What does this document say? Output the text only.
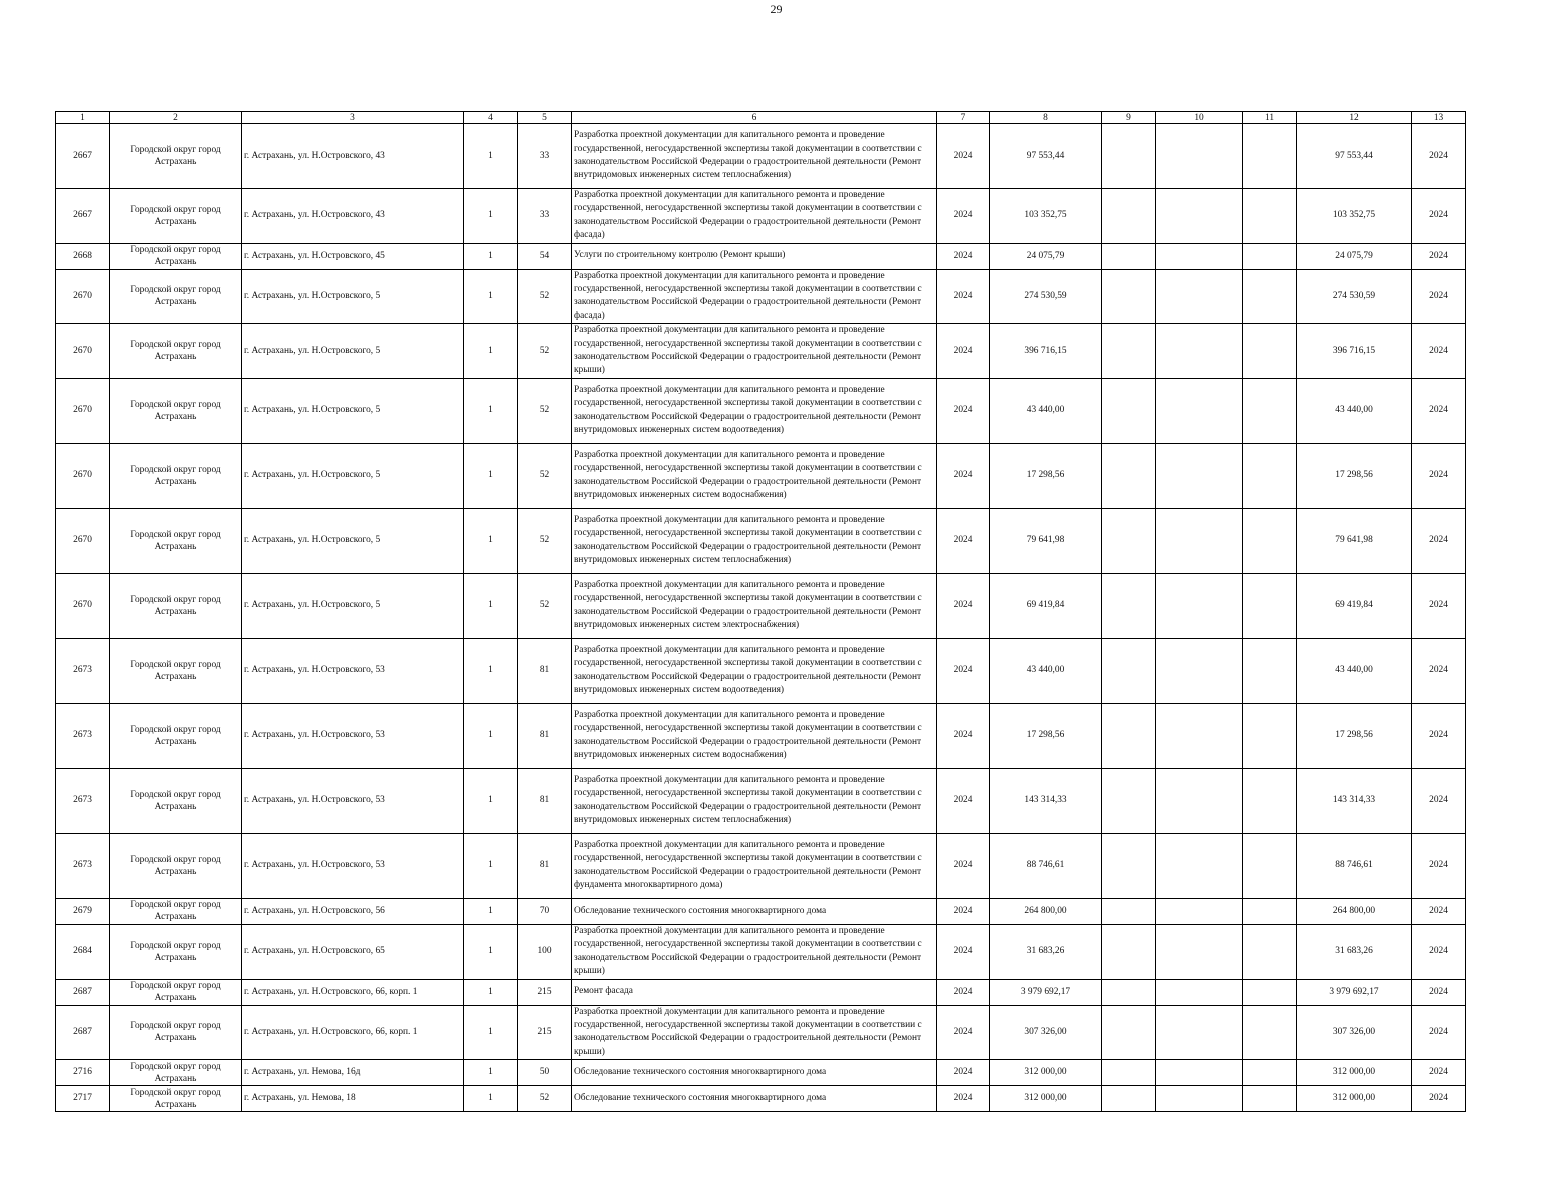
29
1	2	3	4	5	6	7	8	9	10	11	12	13
2667	Городской округ город Астрахань	г. Астрахань, ул. Н.Островского, 43	1	33	Разработка проектной документации для капитального ремонта и проведение государственной, негосударственной экспертизы такой документации в соответствии с законодательством Российской Федерации о градостроительной деятельности (Ремонт внутридомовых инженерных систем теплоснабжения)	2024	97 553,44				97 553,44	2024
2667	Городской округ город Астрахань	г. Астрахань, ул. Н.Островского, 43	1	33	Разработка проектной документации для капитального ремонта и проведение государственной, негосударственной экспертизы такой документации в соответствии с законодательством Российской Федерации о градостроительной деятельности (Ремонт фасада)	2024	103 352,75				103 352,75	2024
2668	Городской округ город Астрахань	г. Астрахань, ул. Н.Островского, 45	1	54	Услуги по строительному контролю (Ремонт крыши)	2024	24 075,79				24 075,79	2024
2670	Городской округ город Астрахань	г. Астрахань, ул. Н.Островского, 5	1	52	Разработка проектной документации для капитального ремонта и проведение государственной, негосударственной экспертизы такой документации в соответствии с законодательством Российской Федерации о градостроительной деятельности (Ремонт фасада)	2024	274 530,59				274 530,59	2024
2670	Городской округ город Астрахань	г. Астрахань, ул. Н.Островского, 5	1	52	Разработка проектной документации для капитального ремонта и проведение государственной, негосударственной экспертизы такой документации в соответствии с законодательством Российской Федерации о градостроительной деятельности (Ремонт крыши)	2024	396 716,15				396 716,15	2024
2670	Городской округ город Астрахань	г. Астрахань, ул. Н.Островского, 5	1	52	Разработка проектной документации для капитального ремонта и проведение государственной, негосударственной экспертизы такой документации в соответствии с законодательством Российской Федерации о градостроительной деятельности (Ремонт внутридомовых инженерных систем водоотведения)	2024	43 440,00				43 440,00	2024
2670	Городской округ город Астрахань	г. Астрахань, ул. Н.Островского, 5	1	52	Разработка проектной документации для капитального ремонта и проведение государственной, негосударственной экспертизы такой документации в соответствии с законодательством Российской Федерации о градостроительной деятельности (Ремонт внутридомовых инженерных систем водоснабжения)	2024	17 298,56				17 298,56	2024
2670	Городской округ город Астрахань	г. Астрахань, ул. Н.Островского, 5	1	52	Разработка проектной документации для капитального ремонта и проведение государственной, негосударственной экспертизы такой документации в соответствии с законодательством Российской Федерации о градостроительной деятельности (Ремонт внутридомовых инженерных систем теплоснабжения)	2024	79 641,98				79 641,98	2024
2670	Городской округ город Астрахань	г. Астрахань, ул. Н.Островского, 5	1	52	Разработка проектной документации для капитального ремонта и проведение государственной, негосударственной экспертизы такой документации в соответствии с законодательством Российской Федерации о градостроительной деятельности (Ремонт внутридомовых инженерных систем электроснабжения)	2024	69 419,84				69 419,84	2024
2673	Городской округ город Астрахань	г. Астрахань, ул. Н.Островского, 53	1	81	Разработка проектной документации для капитального ремонта и проведение государственной, негосударственной экспертизы такой документации в соответствии с законодательством Российской Федерации о градостроительной деятельности (Ремонт внутридомовых инженерных систем водоотведения)	2024	43 440,00				43 440,00	2024
2673	Городской округ город Астрахань	г. Астрахань, ул. Н.Островского, 53	1	81	Разработка проектной документации для капитального ремонта и проведение государственной, негосударственной экспертизы такой документации в соответствии с законодательством Российской Федерации о градостроительной деятельности (Ремонт внутридомовых инженерных систем водоснабжения)	2024	17 298,56				17 298,56	2024
2673	Городской округ город Астрахань	г. Астрахань, ул. Н.Островского, 53	1	81	Разработка проектной документации для капитального ремонта и проведение государственной, негосударственной экспертизы такой документации в соответствии с законодательством Российской Федерации о градостроительной деятельности (Ремонт внутридомовых инженерных систем теплоснабжения)	2024	143 314,33				143 314,33	2024
2673	Городской округ город Астрахань	г. Астрахань, ул. Н.Островского, 53	1	81	Разработка проектной документации для капитального ремонта и проведение государственной, негосударственной экспертизы такой документации в соответствии с законодательством Российской Федерации о градостроительной деятельности (Ремонт фундамента многоквартирного дома)	2024	88 746,61				88 746,61	2024
2679	Городской округ город Астрахань	г. Астрахань, ул. Н.Островского, 56	1	70	Обследование технического состояния многоквартирного дома	2024	264 800,00				264 800,00	2024
2684	Городской округ город Астрахань	г. Астрахань, ул. Н.Островского, 65	1	100	Разработка проектной документации для капитального ремонта и проведение государственной, негосударственной экспертизы такой документации в соответствии с законодательством Российской Федерации о градостроительной деятельности (Ремонт крыши)	2024	31 683,26				31 683,26	2024
2687	Городской округ город Астрахань	г. Астрахань, ул. Н.Островского, 66, корп. 1	1	215	Ремонт фасада	2024	3 979 692,17				3 979 692,17	2024
2687	Городской округ город Астрахань	г. Астрахань, ул. Н.Островского, 66, корп. 1	1	215	Разработка проектной документации для капитального ремонта и проведение государственной, негосударственной экспертизы такой документации в соответствии с законодательством Российской Федерации о градостроительной деятельности (Ремонт крыши)	2024	307 326,00				307 326,00	2024
2716	Городской округ город Астрахань	г. Астрахань, ул. Немова, 16д	1	50	Обследование технического состояния многоквартирного дома	2024	312 000,00				312 000,00	2024
2717	Городской округ город Астрахань	г. Астрахань, ул. Немова, 18	1	52	Обследование технического состояния многоквартирного дома	2024	312 000,00				312 000,00	2024
